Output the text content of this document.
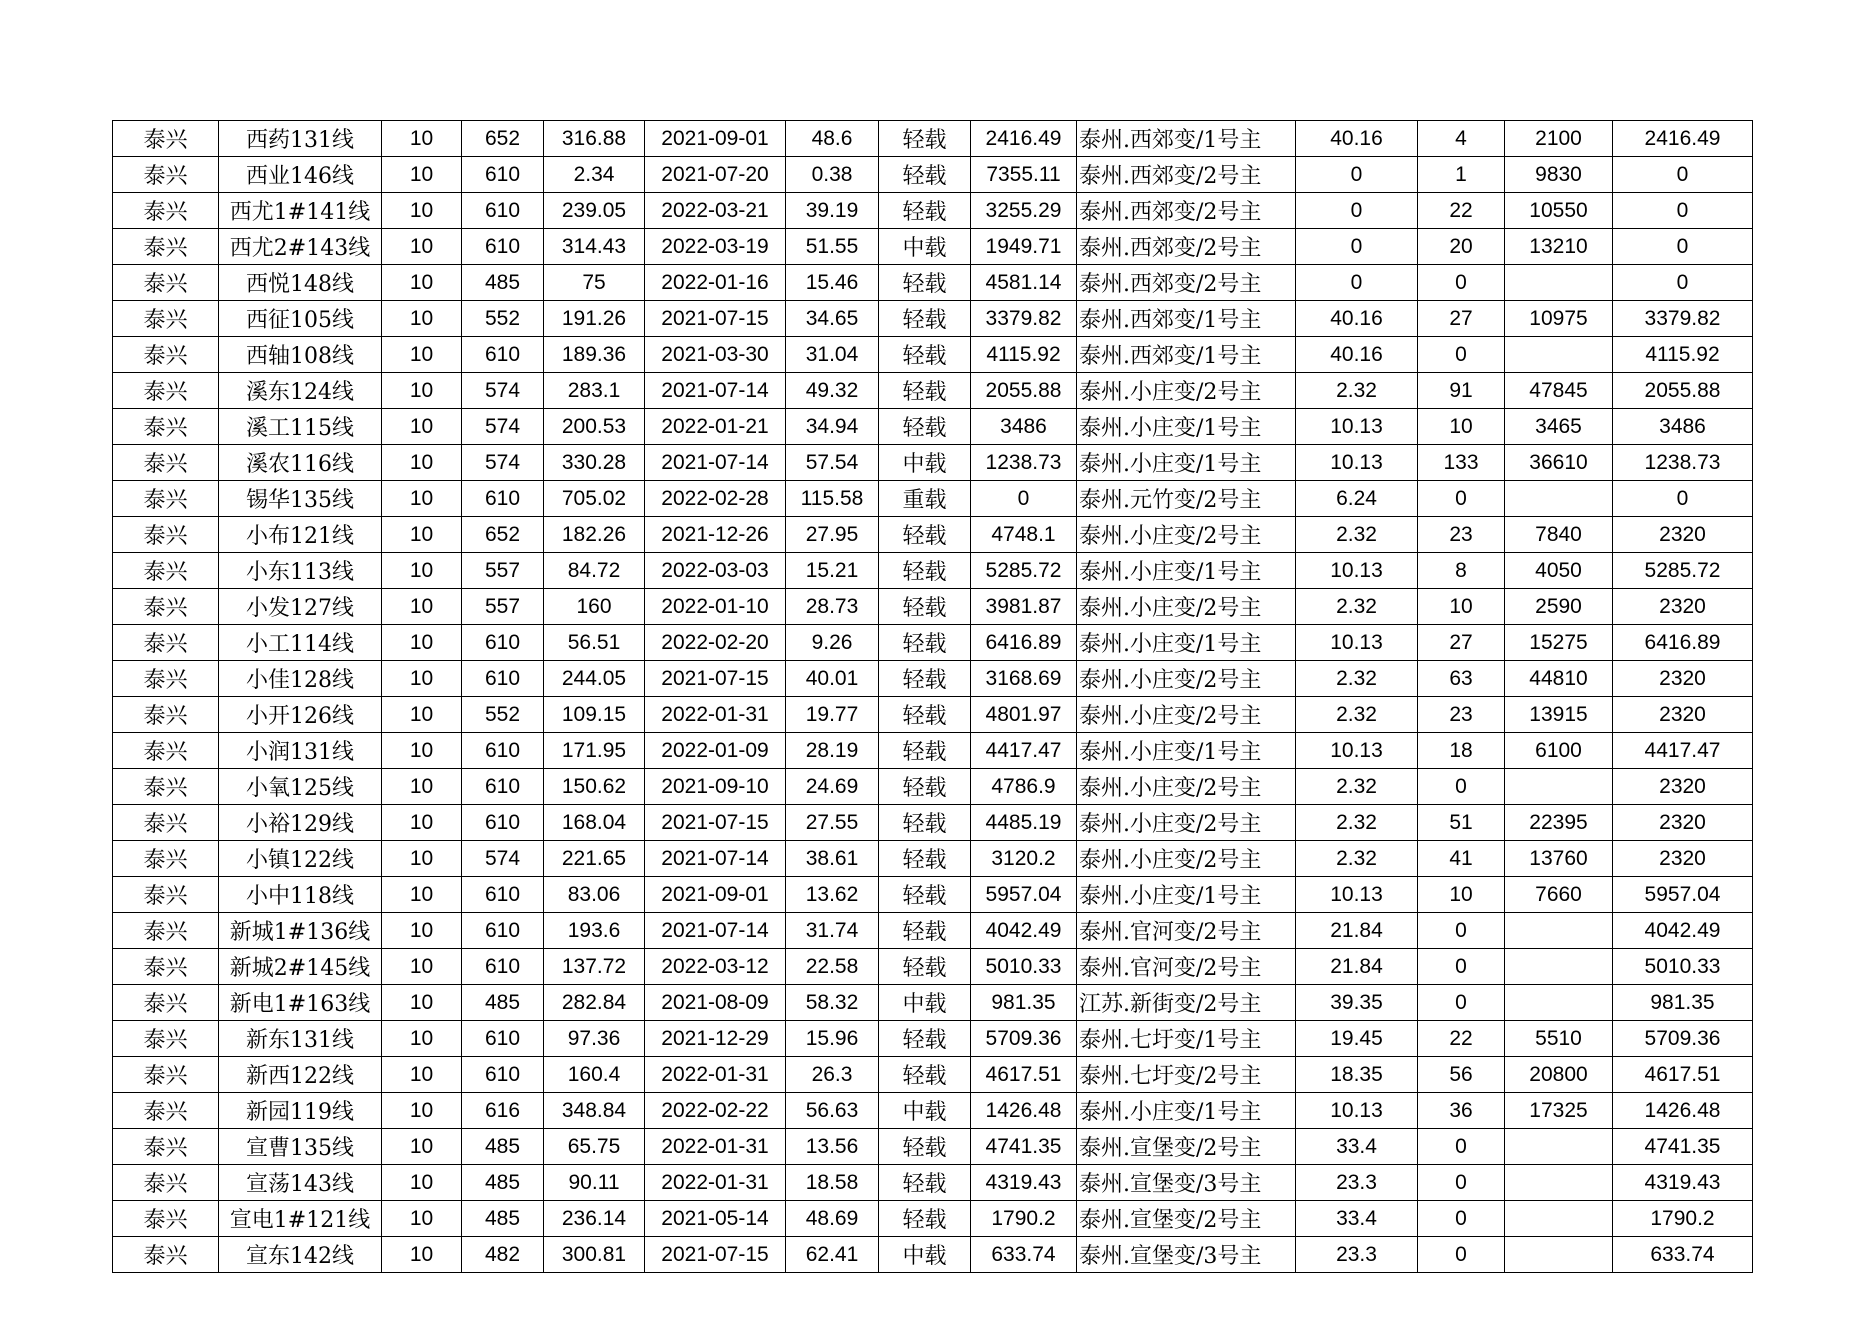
泰兴	西药131线	10	652	316.88	2021-09-01	48.6	轻载	2416.49	泰州.西郊变/1号主	40.16	4	2100	2416.49
泰兴	西业146线	10	610	2.34	2021-07-20	0.38	轻载	7355.11	泰州.西郊变/2号主	0	1	9830	0
泰兴	西尤1#141线	10	610	239.05	2022-03-21	39.19	轻载	3255.29	泰州.西郊变/2号主	0	22	10550	0
泰兴	西尤2#143线	10	610	314.43	2022-03-19	51.55	中载	1949.71	泰州.西郊变/2号主	0	20	13210	0
泰兴	西悦148线	10	485	75	2022-01-16	15.46	轻载	4581.14	泰州.西郊变/2号主	0	0		0
泰兴	西征105线	10	552	191.26	2021-07-15	34.65	轻载	3379.82	泰州.西郊变/1号主	40.16	27	10975	3379.82
泰兴	西轴108线	10	610	189.36	2021-03-30	31.04	轻载	4115.92	泰州.西郊变/1号主	40.16	0		4115.92
泰兴	溪东124线	10	574	283.1	2021-07-14	49.32	轻载	2055.88	泰州.小庄变/2号主	2.32	91	47845	2055.88
泰兴	溪工115线	10	574	200.53	2022-01-21	34.94	轻载	3486	泰州.小庄变/1号主	10.13	10	3465	3486
泰兴	溪农116线	10	574	330.28	2021-07-14	57.54	中载	1238.73	泰州.小庄变/1号主	10.13	133	36610	1238.73
泰兴	锡华135线	10	610	705.02	2022-02-28	115.58	重载	0	泰州.元竹变/2号主	6.24	0		0
泰兴	小布121线	10	652	182.26	2021-12-26	27.95	轻载	4748.1	泰州.小庄变/2号主	2.32	23	7840	2320
泰兴	小东113线	10	557	84.72	2022-03-03	15.21	轻载	5285.72	泰州.小庄变/1号主	10.13	8	4050	5285.72
泰兴	小发127线	10	557	160	2022-01-10	28.73	轻载	3981.87	泰州.小庄变/2号主	2.32	10	2590	2320
泰兴	小工114线	10	610	56.51	2022-02-20	9.26	轻载	6416.89	泰州.小庄变/1号主	10.13	27	15275	6416.89
泰兴	小佳128线	10	610	244.05	2021-07-15	40.01	轻载	3168.69	泰州.小庄变/2号主	2.32	63	44810	2320
泰兴	小开126线	10	552	109.15	2022-01-31	19.77	轻载	4801.97	泰州.小庄变/2号主	2.32	23	13915	2320
泰兴	小润131线	10	610	171.95	2022-01-09	28.19	轻载	4417.47	泰州.小庄变/1号主	10.13	18	6100	4417.47
泰兴	小氧125线	10	610	150.62	2021-09-10	24.69	轻载	4786.9	泰州.小庄变/2号主	2.32	0		2320
泰兴	小裕129线	10	610	168.04	2021-07-15	27.55	轻载	4485.19	泰州.小庄变/2号主	2.32	51	22395	2320
泰兴	小镇122线	10	574	221.65	2021-07-14	38.61	轻载	3120.2	泰州.小庄变/2号主	2.32	41	13760	2320
泰兴	小中118线	10	610	83.06	2021-09-01	13.62	轻载	5957.04	泰州.小庄变/1号主	10.13	10	7660	5957.04
泰兴	新城1#136线	10	610	193.6	2021-07-14	31.74	轻载	4042.49	泰州.官河变/2号主	21.84	0		4042.49
泰兴	新城2#145线	10	610	137.72	2022-03-12	22.58	轻载	5010.33	泰州.官河变/2号主	21.84	0		5010.33
泰兴	新电1#163线	10	485	282.84	2021-08-09	58.32	中载	981.35	江苏.新街变/2号主	39.35	0		981.35
泰兴	新东131线	10	610	97.36	2021-12-29	15.96	轻载	5709.36	泰州.七圩变/1号主	19.45	22	5510	5709.36
泰兴	新西122线	10	610	160.4	2022-01-31	26.3	轻载	4617.51	泰州.七圩变/2号主	18.35	56	20800	4617.51
泰兴	新园119线	10	616	348.84	2022-02-22	56.63	中载	1426.48	泰州.小庄变/1号主	10.13	36	17325	1426.48
泰兴	宣曹135线	10	485	65.75	2022-01-31	13.56	轻载	4741.35	泰州.宣堡变/2号主	33.4	0		4741.35
泰兴	宣荡143线	10	485	90.11	2022-01-31	18.58	轻载	4319.43	泰州.宣堡变/3号主	23.3	0		4319.43
泰兴	宣电1#121线	10	485	236.14	2021-05-14	48.69	轻载	1790.2	泰州.宣堡变/2号主	33.4	0		1790.2
泰兴	宣东142线	10	482	300.81	2021-07-15	62.41	中载	633.74	泰州.宣堡变/3号主	23.3	0		633.74
